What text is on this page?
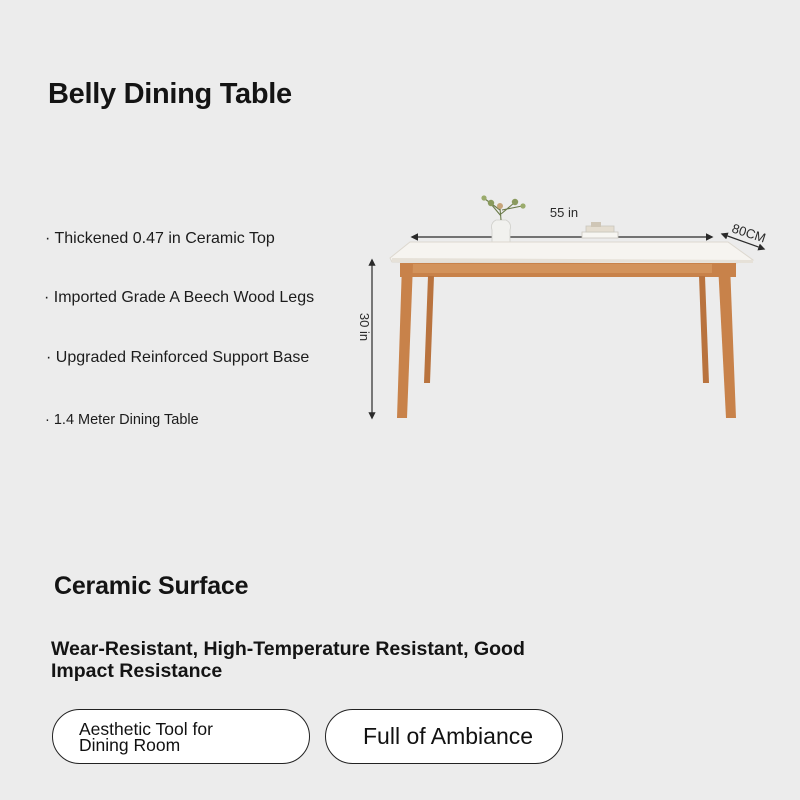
Belly Dining Table
· Thickened 0.47 in Ceramic Top
· Imported Grade A Beech Wood Legs
· Upgraded Reinforced Support Base
· 1.4 Meter Dining Table
55 in
80CM
30 in
Ceramic Surface

Wear-Resistant, High-Temperature Resistant, Good Impact Resistance

Aesthetic Tool for Dining Room	Full of Ambiance
